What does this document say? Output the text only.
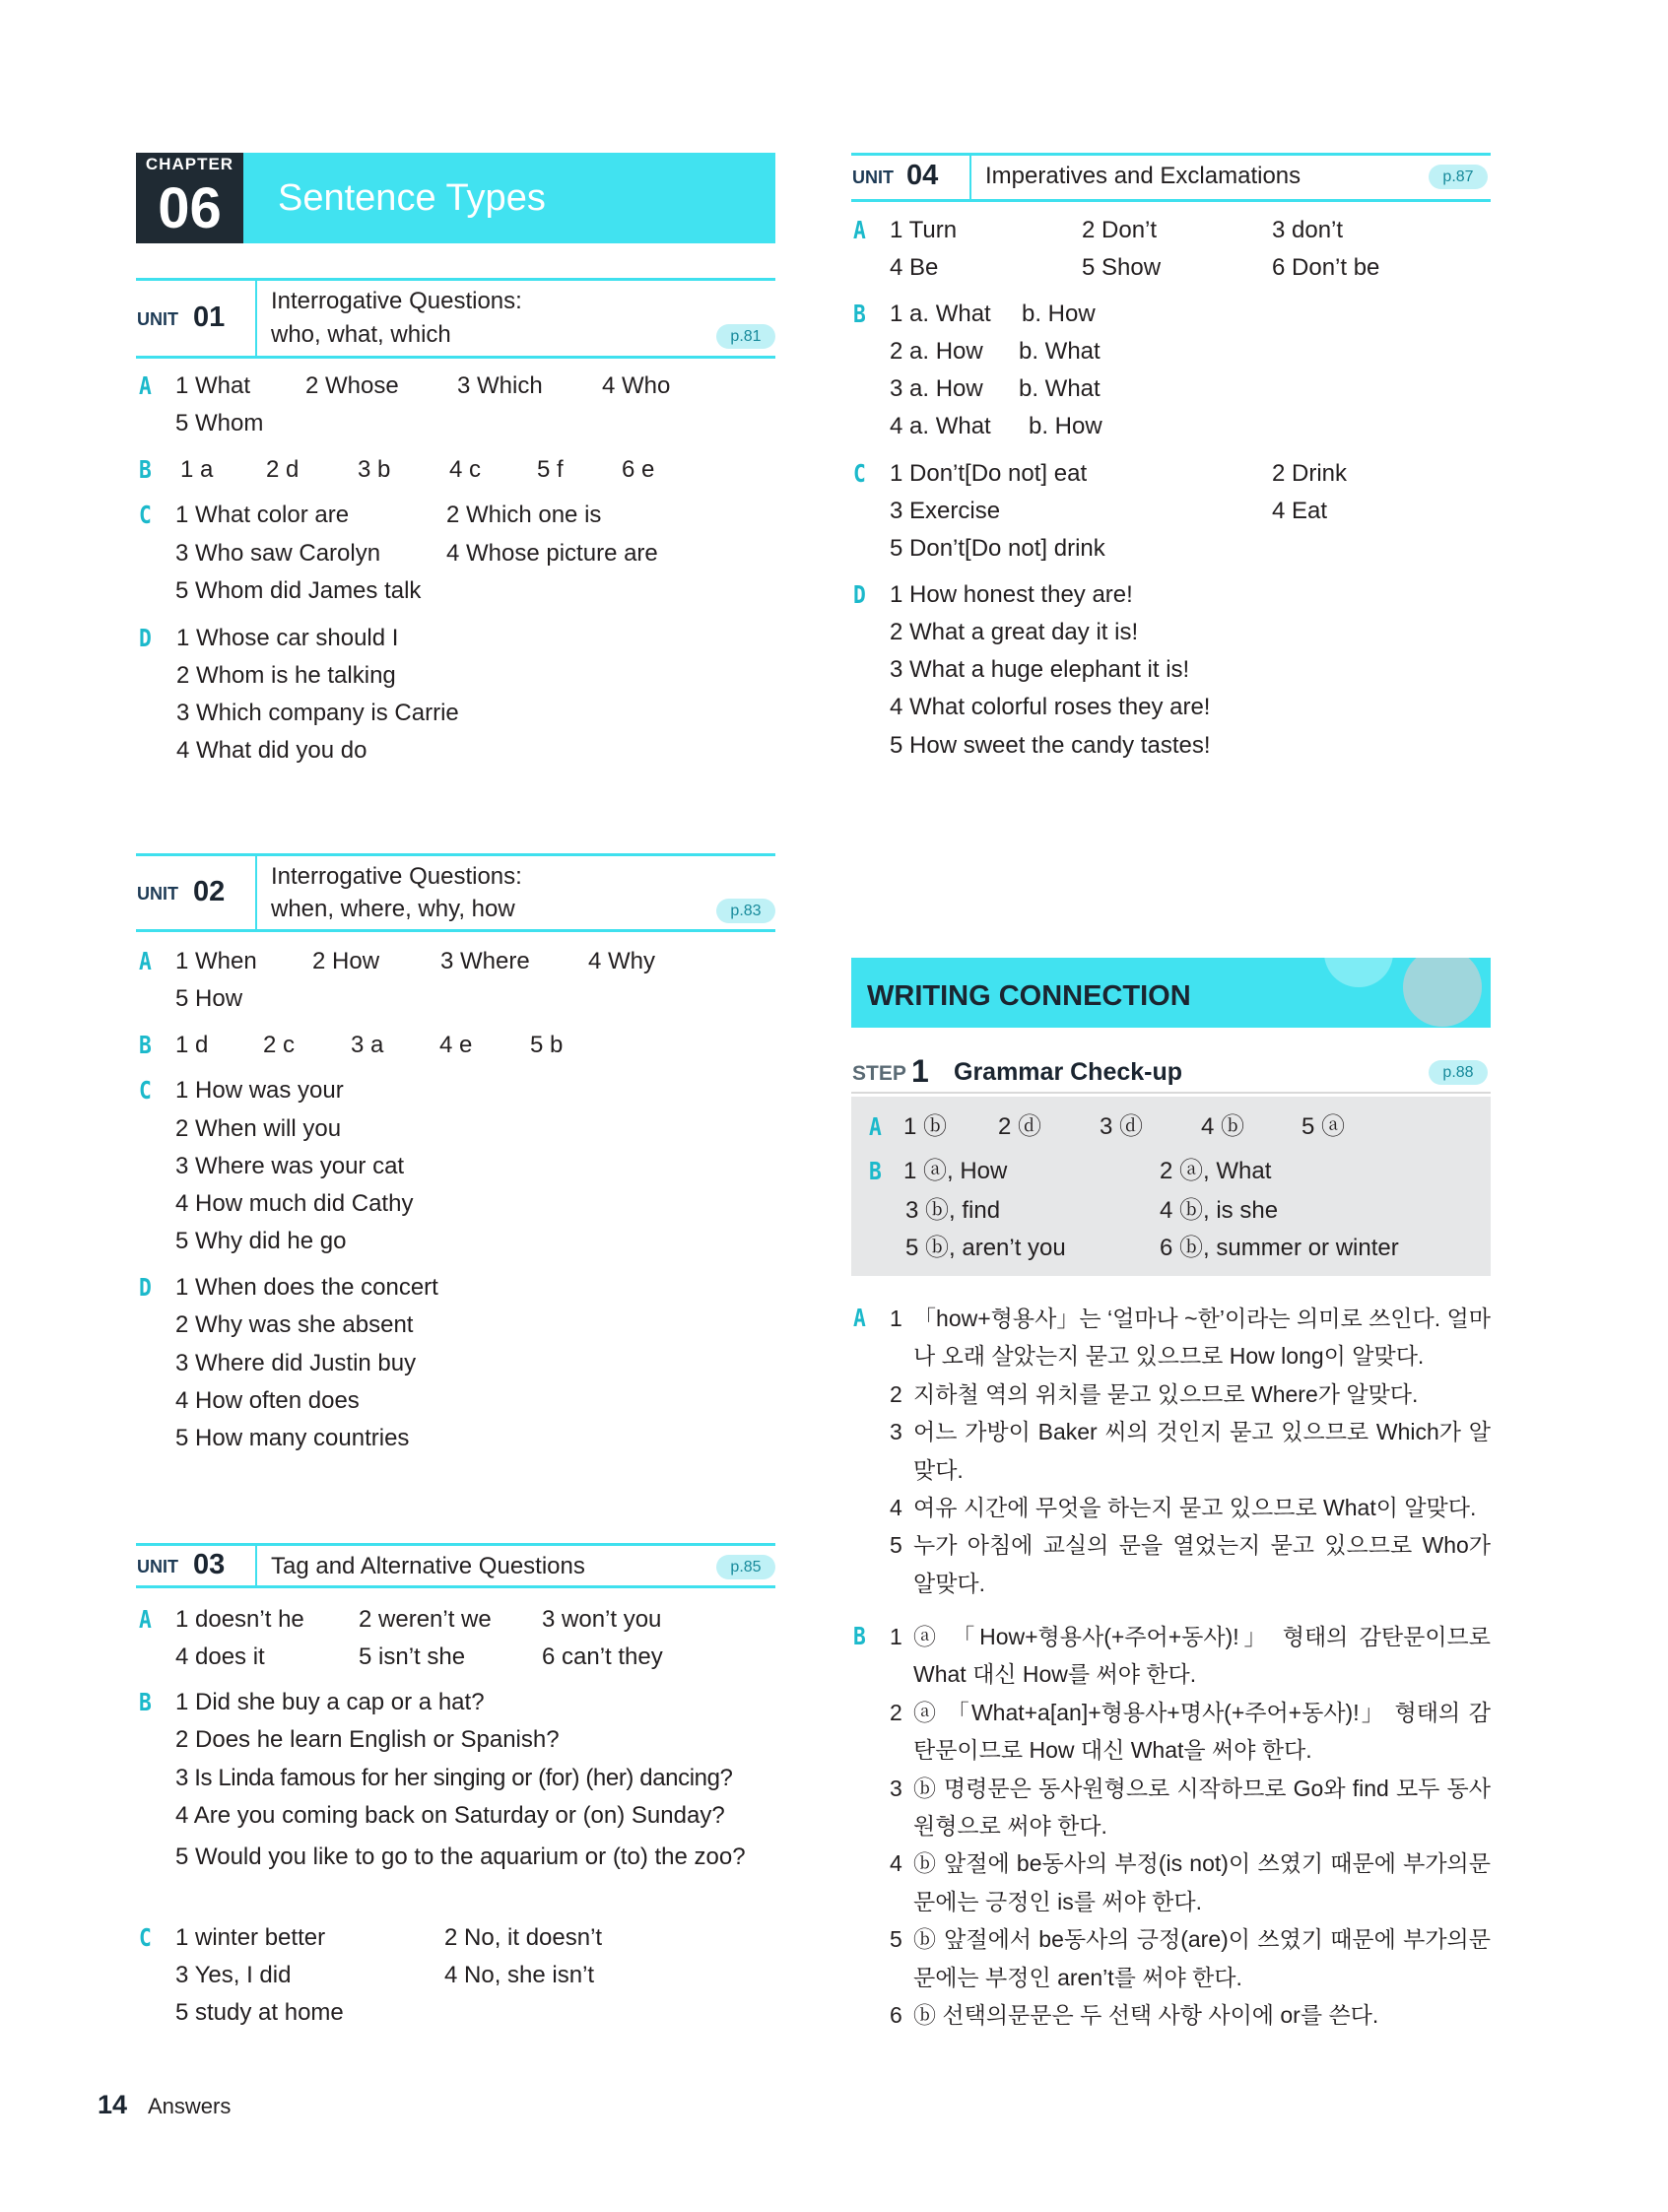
CHAPTER
06	Sentence Types
UNIT 01
Interrogative Questions:
who, what, which	p.81
A 1 What 2 Whose 3 Which	4 Who
5 Whom
B 1 a 2 d 3 b 4 c 5 f 6 e
C 1 What color are	2 Which one is
3 Who saw Carolyn	4 Whose picture are
5 Whom did James talk
D 1 Whose car should I
2 Whom is he talking
3 Which company is Carrie
4 What did you do
UNIT 02 Interrogative Questions:
when, where, why, how	p.83
A 1 When 2 How	3 Where 4 Why
5 How
B 1 d 2 c 3 a 4 e 5 b
C 1 How was your
2 When will you
3 Where was your cat
4 How much did Cathy
5 Why did he go
D 1 When does the concert
2 Why was she absent
3 Where did Justin buy
4 How often does
5 How many countries
UNIT 03 Tag and Alternative Questions	p.85
A 1 doesn’t he 2 weren’t we 3 won’t you
4 does it	5 isn’t she	6 can’t they
B 1 Did she buy a cap or a hat?
2 Does he learn English or Spanish?
3 Is Linda famous for her singing or (for) (her) dancing?
4 Are you coming back on Saturday or (on) Sunday?
5 Would you like to go to the aquarium or (to) the zoo?
C 1 winter better	2 No, it doesn’t
3 Yes, I did	4 No, she isn’t
5 study at home
UNIT 04 Imperatives and Exclamations	p.87
A 1 Turn	2 Don’t	3 don’t
4 Be	5 Show	6 Don’t be
B 1 a. What b. How
2 a. How b. What
3 a. How b. What
4 a. What b. How
C 1 Don’t[Do not] eat	2 Drink
3 Exercise	4 Eat
5 Don’t[Do not] drink
D 1 How honest they are!
2 What a great day it is!
3 What a huge elephant it is!
4 What colorful roses they are!
5 How sweet the candy tastes!
WRITING CONNECTION
STEP 1 Grammar Check-up	p.88
A 1 ⓑ 2 ⓓ 3 ⓓ 4 ⓑ 5 ⓐ
B 1 ⓐ, How	2 ⓐ, What
3 ⓑ, find	4 ⓑ, is she
5 ⓑ, aren’t you	6 ⓑ, summer or winter
A 1 「how+형용사」는 ‘얼마나 ~한’이라는 의미로 쓰인다. 얼마나 오래 살았는지 묻고 있으므로 How long이 알맞다.
2 지하철 역의 위치를 묻고 있으므로 Where가 알맞다.
3 어느 가방이 Baker 씨의 것인지 묻고 있으므로 Which가 알맞다.
4 여유 시간에 무엇을 하는지 묻고 있으므로 What이 알맞다.
5 누가 아침에 교실의 문을 열었는지 묻고 있으므로 Who가 알맞다.
B 1 ⓐ 「How+형용사(+주어+동사)!」 형태의 감탄문이므로 What 대신 How를 써야 한다.
2 ⓐ 「What+a[an]+형용사+명사(+주어+동사)!」 형태의 감탄문이므로 How 대신 What을 써야 한다.
3 ⓑ 명령문은 동사원형으로 시작하므로 Go와 find 모두 동사원형으로 써야 한다.
4 ⓑ 앞절에 be동사의 부정(is not)이 쓰였기 때문에 부가의문문에는 긍정인 is를 써야 한다.
5 ⓑ 앞절에서 be동사의 긍정(are)이 쓰였기 때문에 부가의문문에는 부정인 aren’t를 써야 한다.
6 ⓑ 선택의문문은 두 선택 사항 사이에 or를 쓴다.
14 Answers
